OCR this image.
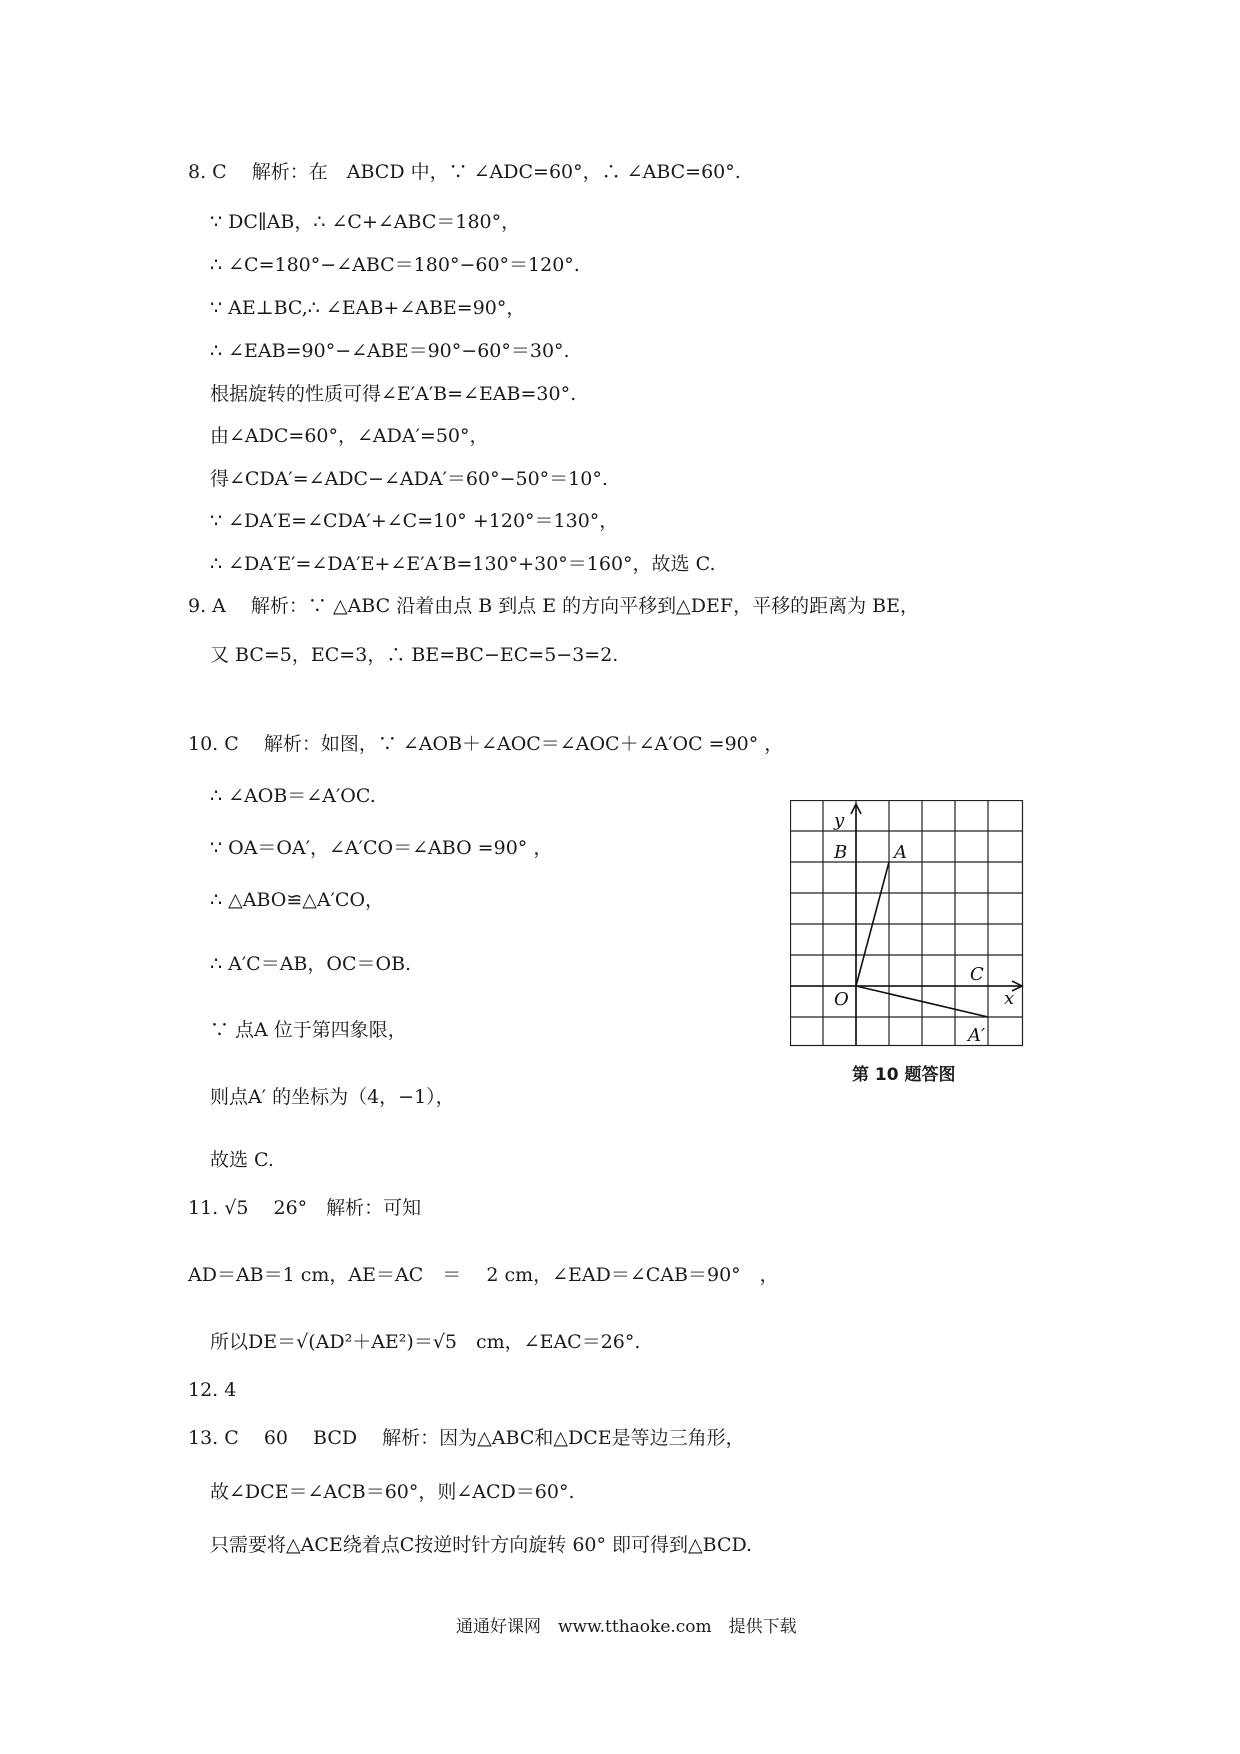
8. C　 解析：在　ABCD 中，∵ ∠ADC=60°，∴ ∠ABC=60°.
∵ DC∥AB，∴ ∠C+∠ABC＝180°，
∴ ∠C=180°−∠ABC＝180°−60°＝120°.
∵ AE⊥BC,∴ ∠EAB+∠ABE=90°，
∴ ∠EAB=90°−∠ABE＝90°−60°＝30°.
根据旋转的性质可得∠E′A′B=∠EAB=30°.
由∠ADC=60°，∠ADA′=50°，
得∠CDA′=∠ADC−∠ADA′＝60°−50°＝10°.
∵ ∠DA′E=∠CDA′+∠C=10° +120°＝130°，
∴ ∠DA′E′=∠DA′E+∠E′A′B=130°+30°＝160°，故选 C.
9. A　 解析：∵ △ABC 沿着由点 B 到点 E 的方向平移到△DEF，平移的距离为 BE，
又 BC=5，EC=3，∴ BE=BC−EC=5−3=2.
10. C　 解析：如图，∵ ∠AOB＋∠AOC＝∠AOC＋∠A′OC =90° ，
∴ ∠AOB＝∠A′OC.
∵ OA＝OA′，∠A′CO＝∠ABO =90° ，
∴ △ABO≌△A′CO，
∴ A′C＝AB，OC＝OB.
∵ 点A 位于第四象限，
则点A′ 的坐标为（4，−1），
故选 C.
11. √5　 26°　解析：可知
AD＝AB＝1 cm，AE＝AC　＝　 2 cm，∠EAD＝∠CAB＝90°　，
所以DE＝√(AD²＋AE²)＝√5　cm，∠EAC＝26°.
12. 4
13. C　 60　 BCD　 解析：因为△ABC和△DCE是等边三角形，
故∠DCE＝∠ACB＝60°，则∠ACD＝60°.
只需要将△ACE绕着点C按逆时针方向旋转 60° 即可得到△BCD.
y
B	A
O
C
x
A′
第 10 题答图
通通好课网　www.tthaoke.com　提供下载
